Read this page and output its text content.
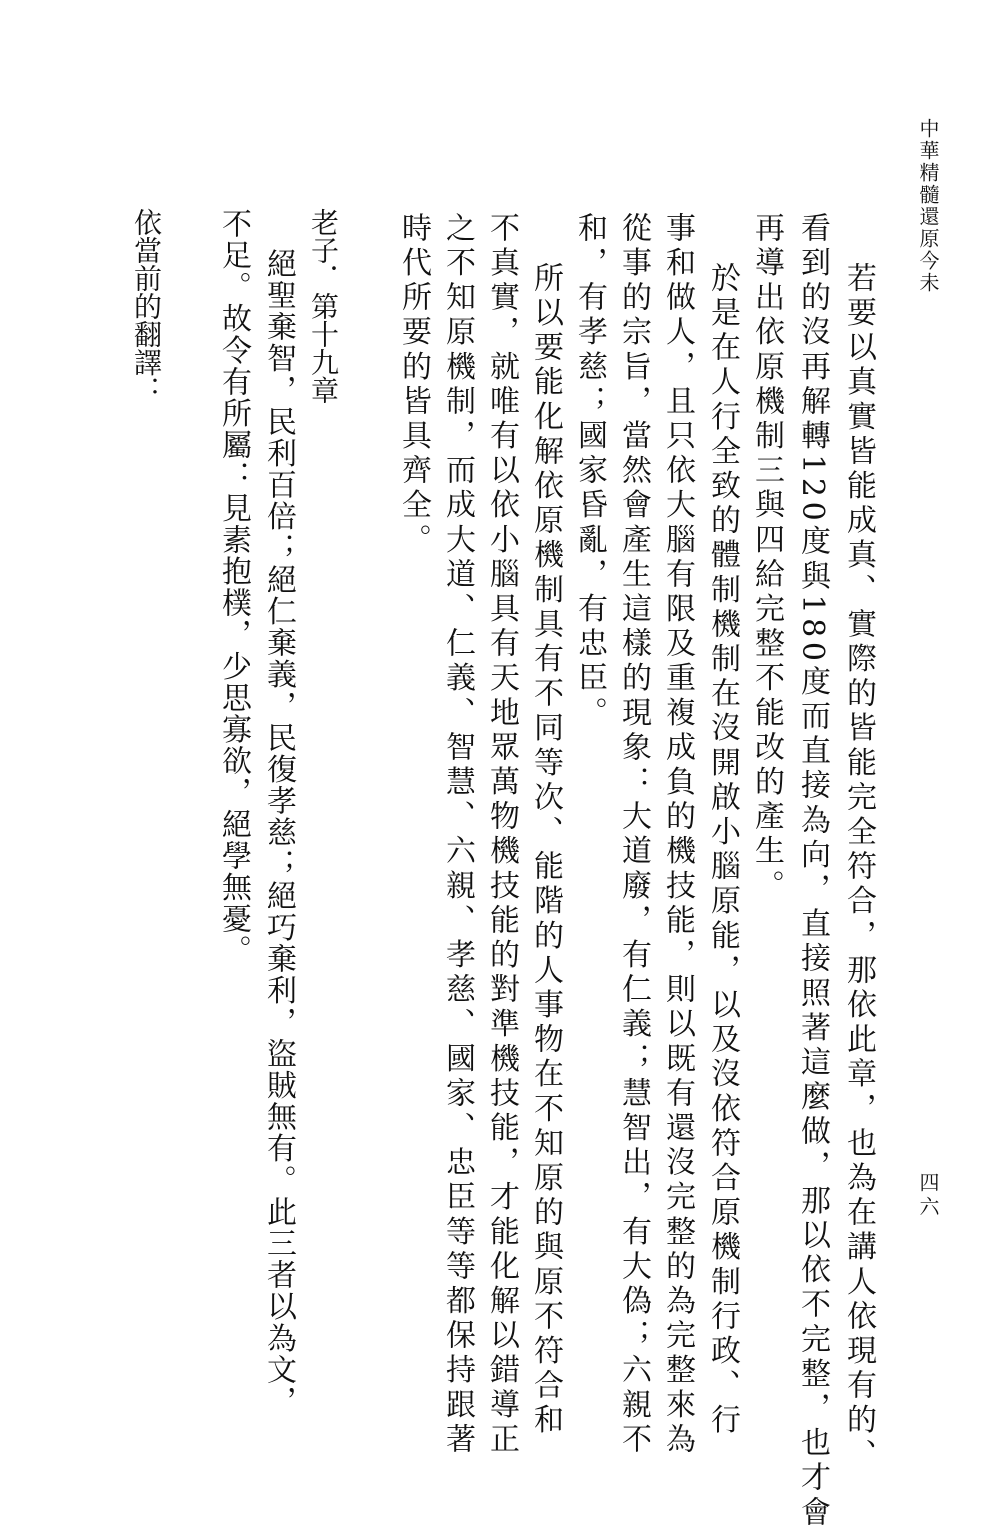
中華精髓還原今未
四六
若要以真實皆能成真、實際的皆能完全符合，那依此章，也為在講人依現有的、
看到的沒再解轉120度與180度而直接為向，直接照著這麼做，那以依不完整，也才會
再導出依原機制三與四給完整不能改的產生。
於是在人行全致的體制機制在沒開啟小腦原能，以及沒依符合原機制行政、行
事和做人，且只依大腦有限及重複成負的機技能，則以既有還沒完整的為完整來為
從事的宗旨，當然會產生這樣的現象：大道廢，有仁義；慧智出，有大偽；六親不
和，有孝慈；國家昏亂，有忠臣。
所以要能化解依原機制具有不同等次、能階的人事物在不知原的與原不符合和
不真實，就唯有以依小腦具有天地眾萬物機技能的對準機技能，才能化解以錯導正
之不知原機制，而成大道、仁義、智慧、六親、孝慈、國家、忠臣等等都保持跟著
時代所要的皆具齊全。
老子．第十九章
絕聖棄智，民利百倍；絕仁棄義，民復孝慈；絕巧棄利，盜賊無有。此三者以為文，
不足。故令有所屬：見素抱樸，少思寡欲，絕學無憂。
依當前的翻譯：
